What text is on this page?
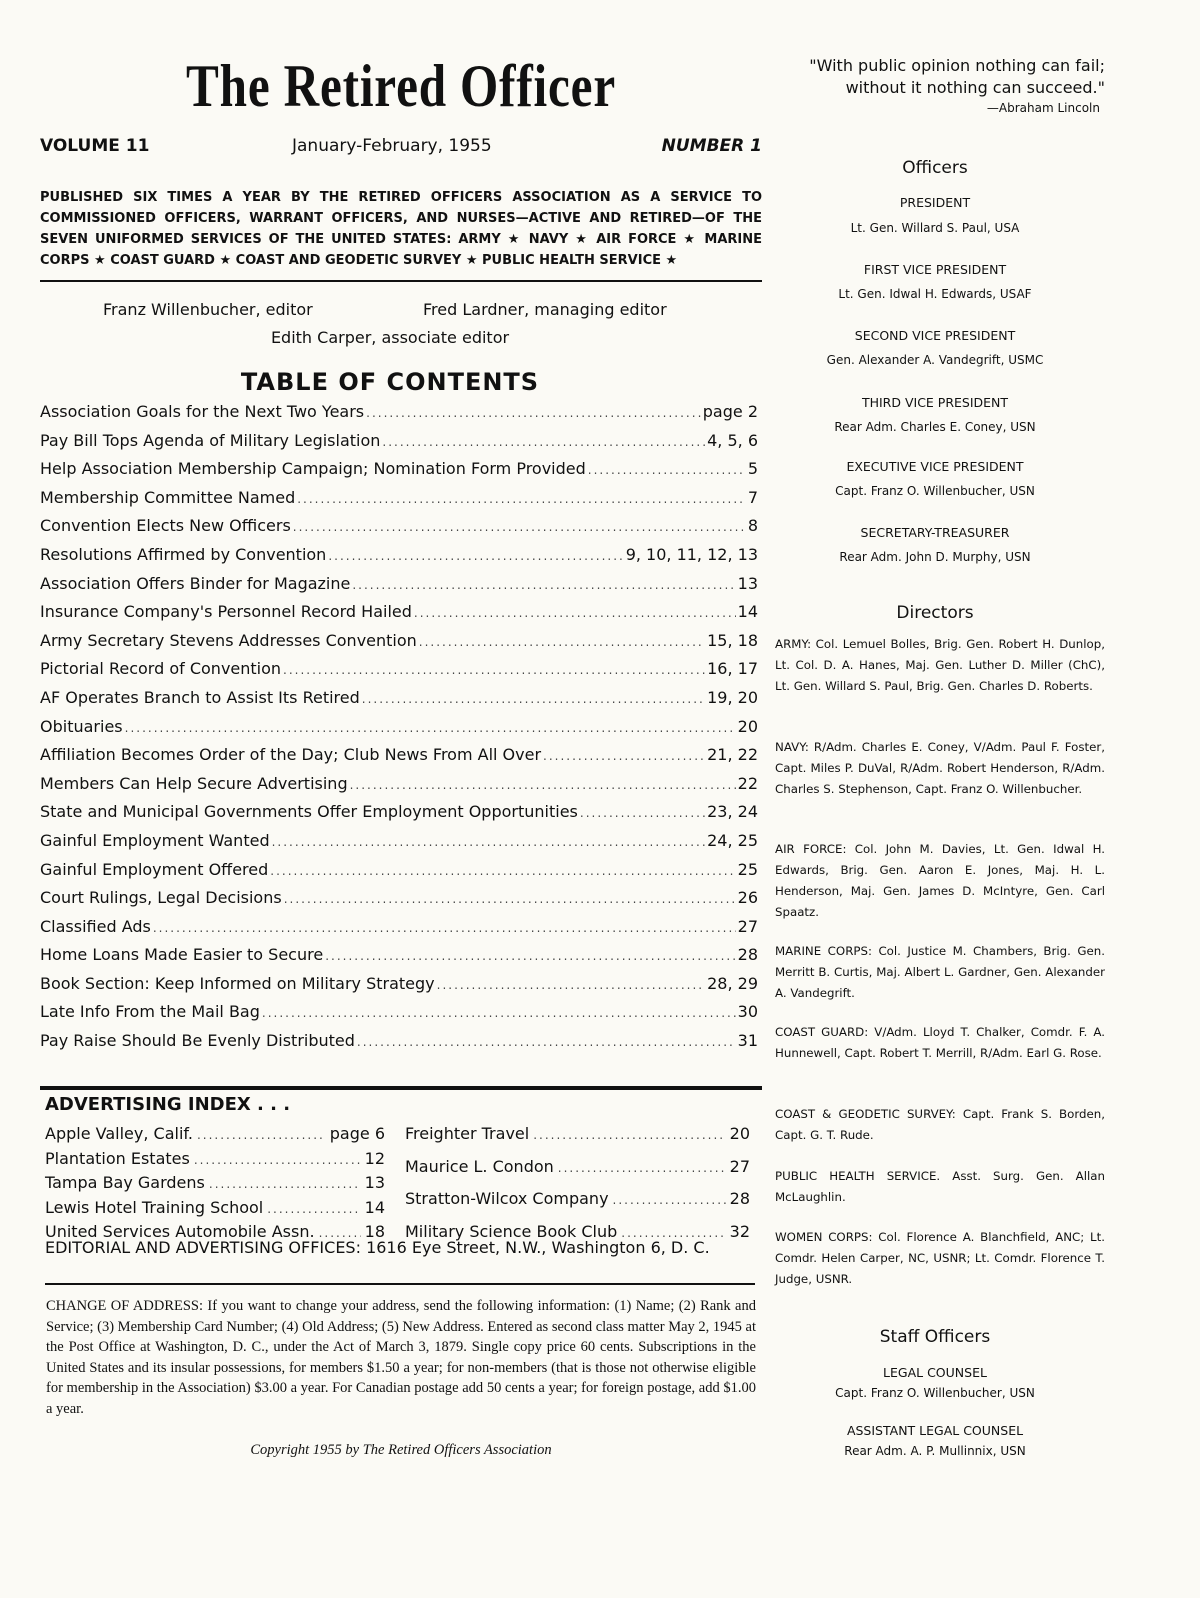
The Retired Officer
VOLUME 11	January-February, 1955	NUMBER 1
PUBLISHED SIX TIMES A YEAR BY THE RETIRED OFFICERS ASSOCIATION AS A SERVICE TO COMMISSIONED OFFICERS, WARRANT OFFICERS, AND NURSES—ACTIVE AND RETIRED—OF THE SEVEN UNIFORMED SERVICES OF THE UNITED STATES: ARMY ★ NAVY ★ AIR FORCE ★ MARINE CORPS ★ COAST GUARD ★ COAST AND GEODETIC SURVEY ★ PUBLIC HEALTH SERVICE ★
Franz Willenbucher, editor	Fred Lardner, managing editor
Edith Carper, associate editor
TABLE OF CONTENTS
Association Goals for the Next Two Years .....	page 2
Pay Bill Tops Agenda of Military Legislation .....	4, 5, 6
Help Association Membership Campaign; Nomination Form Provided .....	5
Membership Committee Named .....	7
Convention Elects New Officers .....	8
Resolutions Affirmed by Convention .....	9, 10, 11, 12, 13
Association Offers Binder for Magazine .....	13
Insurance Company's Personnel Record Hailed .....	14
Army Secretary Stevens Addresses Convention .....	15, 18
Pictorial Record of Convention .....	16, 17
AF Operates Branch to Assist Its Retired .....	19, 20
Obituaries .....	20
Affiliation Becomes Order of the Day; Club News From All Over .....	21, 22
Members Can Help Secure Advertising .....	22
State and Municipal Governments Offer Employment Opportunities .....	23, 24
Gainful Employment Wanted .....	24, 25
Gainful Employment Offered .....	25
Court Rulings, Legal Decisions .....	26
Classified Ads .....	27
Home Loans Made Easier to Secure .....	28
Book Section: Keep Informed on Military Strategy .....	28, 29
Late Info From the Mail Bag .....	30
Pay Raise Should Be Evenly Distributed .....	31
ADVERTISING INDEX . . .
Apple Valley, Calif. .....	page 6
Plantation Estates .....	12
Tampa Bay Gardens .....	13
Lewis Hotel Training School .....	14
United Services Automobile Assn. .....	18
Freighter Travel .....	20
Maurice L. Condon .....	27
Stratton-Wilcox Company .....	28
Military Science Book Club .....	32
EDITORIAL AND ADVERTISING OFFICES: 1616 Eye Street, N.W., Washington 6, D. C.
CHANGE OF ADDRESS: If you want to change your address, send the following information: (1) Name; (2) Rank and Service; (3) Membership Card Number; (4) Old Address; (5) New Address. Entered as second class matter May 2, 1945 at the Post Office at Washington, D. C., under the Act of March 3, 1879. Single copy price 60 cents. Subscriptions in the United States and its insular possessions, for members $1.50 a year; for non-members (that is those not otherwise eligible for membership in the Association) $3.00 a year. For Canadian postage add 50 cents a year; for foreign postage, add $1.00 a year.
Copyright 1955 by The Retired Officers Association
"With public opinion nothing can fail; without it nothing can succeed."
—Abraham Lincoln
Officers
PRESIDENT
Lt. Gen. Willard S. Paul, USA
FIRST VICE PRESIDENT
Lt. Gen. Idwal H. Edwards, USAF
SECOND VICE PRESIDENT
Gen. Alexander A. Vandegrift, USMC
THIRD VICE PRESIDENT
Rear Adm. Charles E. Coney, USN
EXECUTIVE VICE PRESIDENT
Capt. Franz O. Willenbucher, USN
SECRETARY-TREASURER
Rear Adm. John D. Murphy, USN
Directors
ARMY: Col. Lemuel Bolles, Brig. Gen. Robert H. Dunlop, Lt. Col. D. A. Hanes, Maj. Gen. Luther D. Miller (ChC), Lt. Gen. Willard S. Paul, Brig. Gen. Charles D. Roberts.
NAVY: R/Adm. Charles E. Coney, V/Adm. Paul F. Foster, Capt. Miles P. DuVal, R/Adm. Robert Henderson, R/Adm. Charles S. Stephenson, Capt. Franz O. Willenbucher.
AIR FORCE: Col. John M. Davies, Lt. Gen. Idwal H. Edwards, Brig. Gen. Aaron E. Jones, Maj. H. L. Henderson, Maj. Gen. James D. McIntyre, Gen. Carl Spaatz.
MARINE CORPS: Col. Justice M. Chambers, Brig. Gen. Merritt B. Curtis, Maj. Albert L. Gardner, Gen. Alexander A. Vandegrift.
COAST GUARD: V/Adm. Lloyd T. Chalker, Comdr. F. A. Hunnewell, Capt. Robert T. Merrill, R/Adm. Earl G. Rose.
COAST & GEODETIC SURVEY: Capt. Frank S. Borden, Capt. G. T. Rude.
PUBLIC HEALTH SERVICE. Asst. Surg. Gen. Allan McLaughlin.
WOMEN CORPS: Col. Florence A. Blanchfield, ANC; Lt. Comdr. Helen Carper, NC, USNR; Lt. Comdr. Florence T. Judge, USNR.
Staff Officers
LEGAL COUNSEL
Capt. Franz O. Willenbucher, USN
ASSISTANT LEGAL COUNSEL
Rear Adm. A. P. Mullinnix, USN
